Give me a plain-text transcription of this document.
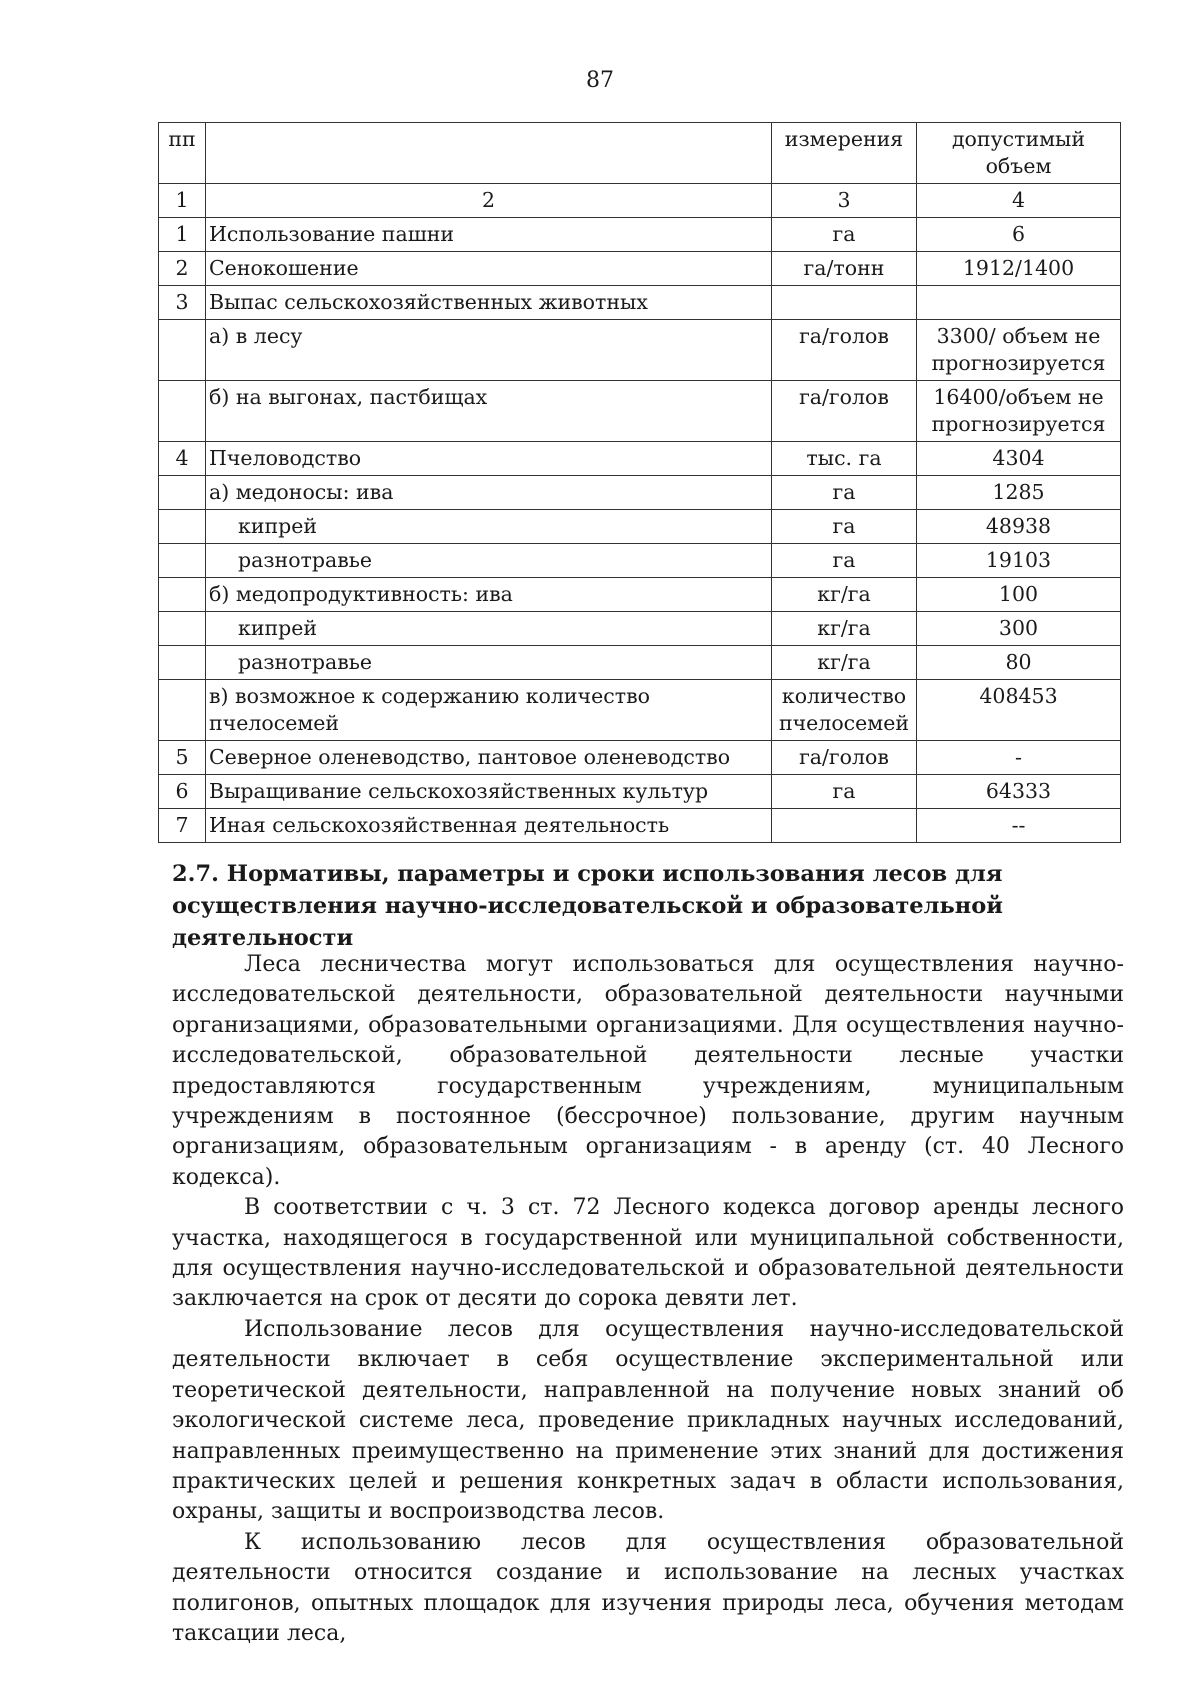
87
пп		измерения	допустимый объем
1	2	3	4
1	Использование пашни	га	6
2	Сенокошение	га/тонн	1912/1400
3	Выпас сельскохозяйственных животных		
	а) в лесу	га/голов	3300/ объем не прогнозируется
	б) на выгонах, пастбищах	га/голов	16400/объем не прогнозируется
4	Пчеловодство	тыс. га	4304
	а) медоносы: ива	га	1285
	кипрей	га	48938
	разнотравье	га	19103
	б) медопродуктивность: ива	кг/га	100
	кипрей	кг/га	300
	разнотравье	кг/га	80
	в) возможное к содержанию количество пчелосемей	количество пчелосемей	408453
5	Северное оленеводство, пантовое оленеводство	га/голов	-
6	Выращивание сельскохозяйственных культур	га	64333
7	Иная сельскохозяйственная деятельность		--
2.7. Нормативы, параметры и сроки использования лесов для осуществления научно-исследовательской и образовательной деятельности

Леса лесничества могут использоваться для осуществления научно-исследовательской деятельности, образовательной деятельности научными организациями, образовательными организациями. Для осуществления научно-исследовательской, образовательной деятельности лесные участки предоставляются государственным учреждениям, муниципальным учреждениям в постоянное (бессрочное) пользование, другим научным организациям, образовательным организациям - в аренду (ст. 40 Лесного кодекса).

В соответствии с ч. 3 ст. 72 Лесного кодекса договор аренды лесного участка, находящегося в государственной или муниципальной собственности, для осуществления научно-исследовательской и образовательной деятельности заключается на срок от десяти до сорока девяти лет.

Использование лесов для осуществления научно-исследовательской деятельности включает в себя осуществление экспериментальной или теоретической деятельности, направленной на получение новых знаний об экологической системе леса, проведение прикладных научных исследований, направленных преимущественно на применение этих знаний для достижения практических целей и решения конкретных задач в области использования, охраны, защиты и воспроизводства лесов.

К использованию лесов для осуществления образовательной деятельности относится создание и использование на лесных участках полигонов, опытных площадок для изучения природы леса, обучения методам таксации леса,
